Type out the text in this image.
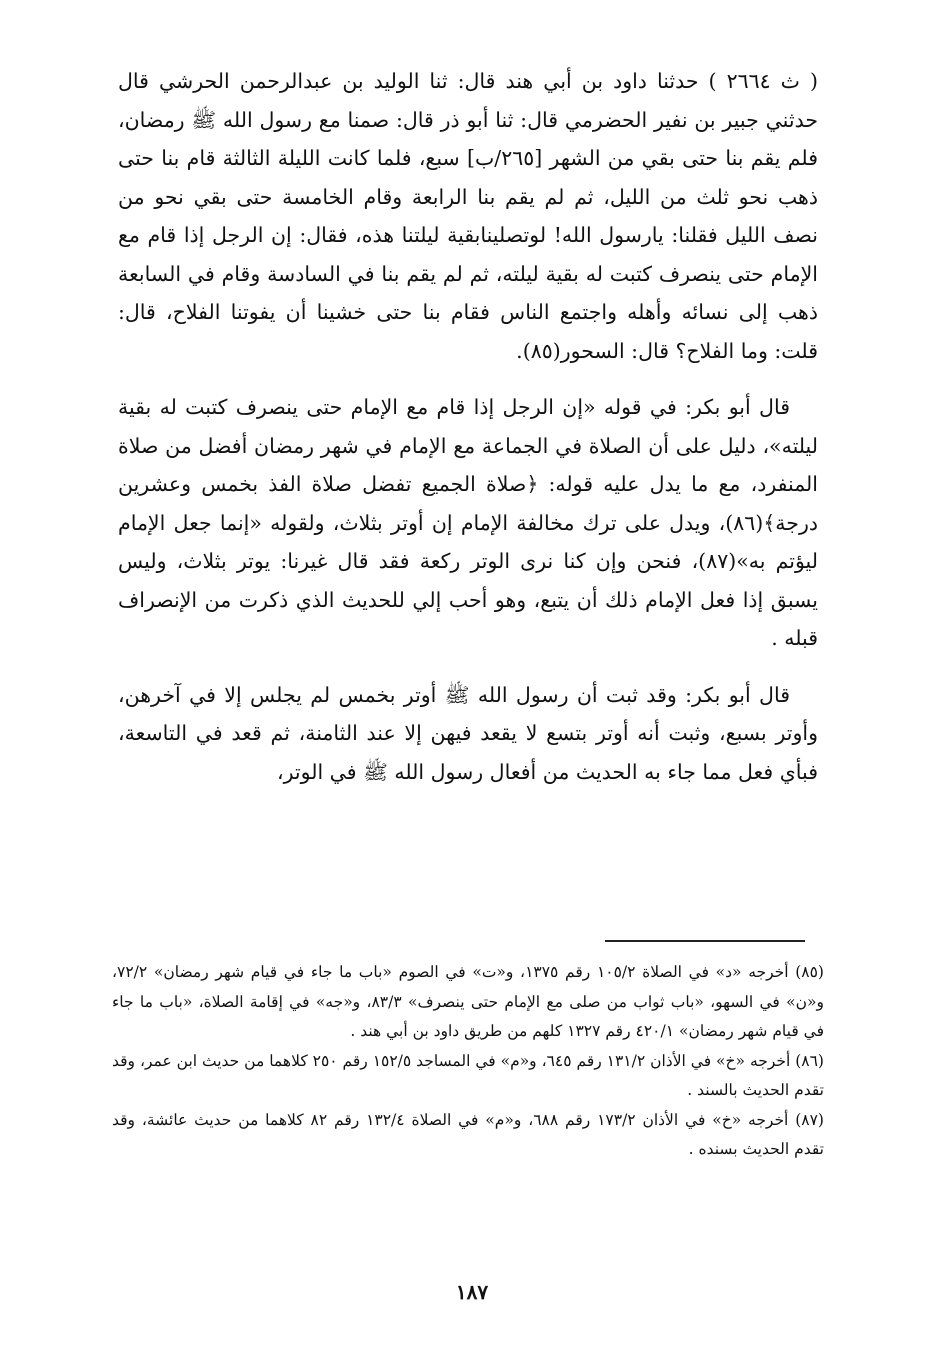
( ث ٢٦٦٤ ) حدثنا داود بن أبي هند قال: ثنا الوليد بن عبدالرحمن الحرشي قال حدثني جبير بن نفير الحضرمي قال: ثنا أبو ذر قال: صمنا مع رسول الله ﷺ رمضان، فلم يقم بنا حتى بقي من الشهر [٢٦٥/ب] سبع، فلما كانت الليلة الثالثة قام بنا حتى ذهب نحو ثلث من الليل، ثم لم يقم بنا الرابعة وقام الخامسة حتى بقي نحو من نصف الليل فقلنا: يارسول الله! لوتصلينابقية ليلتنا هذه، فقال: إن الرجل إذا قام مع الإمام حتى ينصرف كتبت له بقية ليلته، ثم لم يقم بنا في السادسة وقام في السابعة ذهب إلى نسائه وأهله واجتمع الناس فقام بنا حتى خشينا أن يفوتنا الفلاح، قال: قلت: وما الفلاح؟ قال: السحور(٨٥).

قال أبو بكر: في قوله «إن الرجل إذا قام مع الإمام حتى ينصرف كتبت له بقية ليلته»، دليل على أن الصلاة في الجماعة مع الإمام في شهر رمضان أفضل من صلاة المنفرد، مع ما يدل عليه قوله: ﴿صلاة الجميع تفضل صلاة الفذ بخمس وعشرين درجة﴾(٨٦)، ويدل على ترك مخالفة الإمام إن أوتر بثلاث، ولقوله «إنما جعل الإمام ليؤتم به»(٨٧)، فنحن وإن كنا نرى الوتر ركعة فقد قال غيرنا: يوتر بثلاث، وليس يسبق إذا فعل الإمام ذلك أن يتبع، وهو أحب إلي للحديث الذي ذكرت من الإنصراف قبله .

قال أبو بكر: وقد ثبت أن رسول الله ﷺ أوتر بخمس لم يجلس إلا في آخرهن، وأوتر بسبع، وثبت أنه أوتر بتسع لا يقعد فيهن إلا عند الثامنة، ثم قعد في التاسعة، فبأي فعل مما جاء به الحديث من أفعال رسول الله ﷺ في الوتر،

(٨٥) أخرجه «د» في الصلاة ١٠٥/٢ رقم ١٣٧٥، و«ت» في الصوم «باب ما جاء في قيام شهر رمضان» ٧٢/٢، و«ن» في السهو، «باب ثواب من صلى مع الإمام حتى ينصرف» ٨٣/٣، و«جه» في إقامة الصلاة، «باب ما جاء في قيام شهر رمضان» ٤٢٠/١ رقم ١٣٢٧ كلهم من طريق داود بن أبي هند .

(٨٦) أخرجه «خ» في الأذان ١٣١/٢ رقم ٦٤٥، و«م» في المساجد ١٥٢/٥ رقم ٢٥٠ كلاهما من حديث ابن عمر، وقد تقدم الحديث بالسند .

(٨٧) أخرجه «خ» في الأذان ١٧٣/٢ رقم ٦٨٨، و«م» في الصلاة ١٣٢/٤ رقم ٨٢ كلاهما من حديث عائشة، وقد تقدم الحديث بسنده .

١٨٧
